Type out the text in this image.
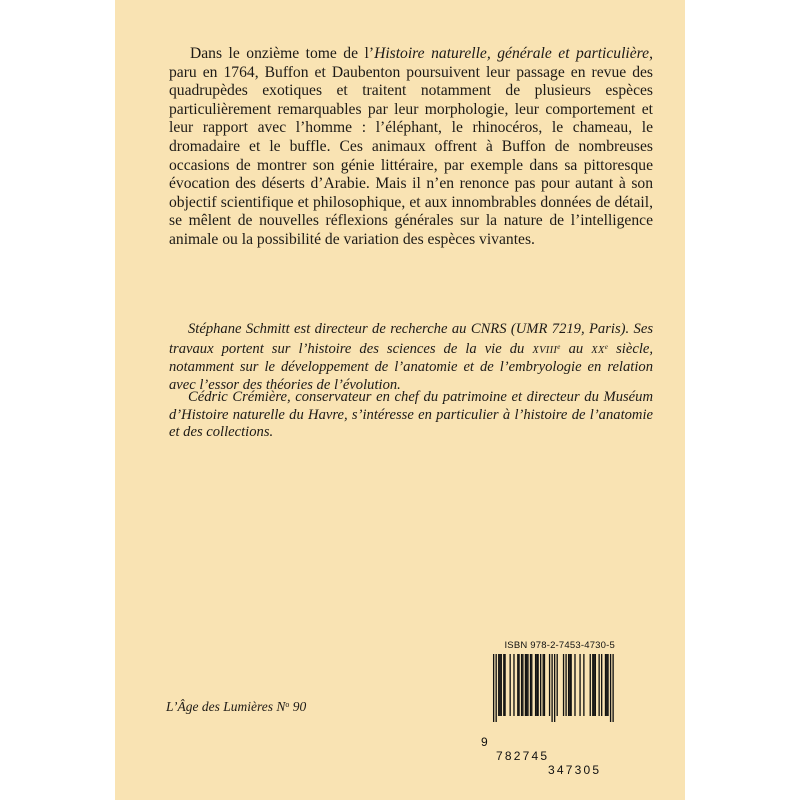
Dans le onzième tome de l’Histoire naturelle, générale et particulière, paru en 1764, Buffon et Daubenton poursuivent leur passage en revue des quadrupèdes exotiques et traitent notamment de plusieurs espèces particulièrement remarquables par leur morphologie, leur comportement et leur rapport avec l’homme : l’éléphant, le rhinocéros, le chameau, le dromadaire et le buffle. Ces animaux offrent à Buffon de nombreuses occasions de montrer son génie littéraire, par exemple dans sa pittoresque évocation des déserts d’Arabie. Mais il n’en renonce pas pour autant à son objectif scientifique et philosophique, et aux innombrables données de détail, se mêlent de nouvelles réflexions générales sur la nature de l’intelligence animale ou la possibilité de variation des espèces vivantes.

Stéphane Schmitt est directeur de recherche au CNRS (UMR 7219, Paris). Ses travaux portent sur l’histoire des sciences de la vie du XVIIIe au XXe siècle, notamment sur le développement de l’anatomie et de l’embryologie en relation avec l’essor des théories de l’évolution.

Cédric Crémière, conservateur en chef du patrimoine et directeur du Muséum d’Histoire naturelle du Havre, s’intéresse en particulier à l’histoire de l’anatomie et des collections.

L’Âge des Lumières $N^o$ 90
ISBN 978-2-7453-4730-5

9

782745

347305
